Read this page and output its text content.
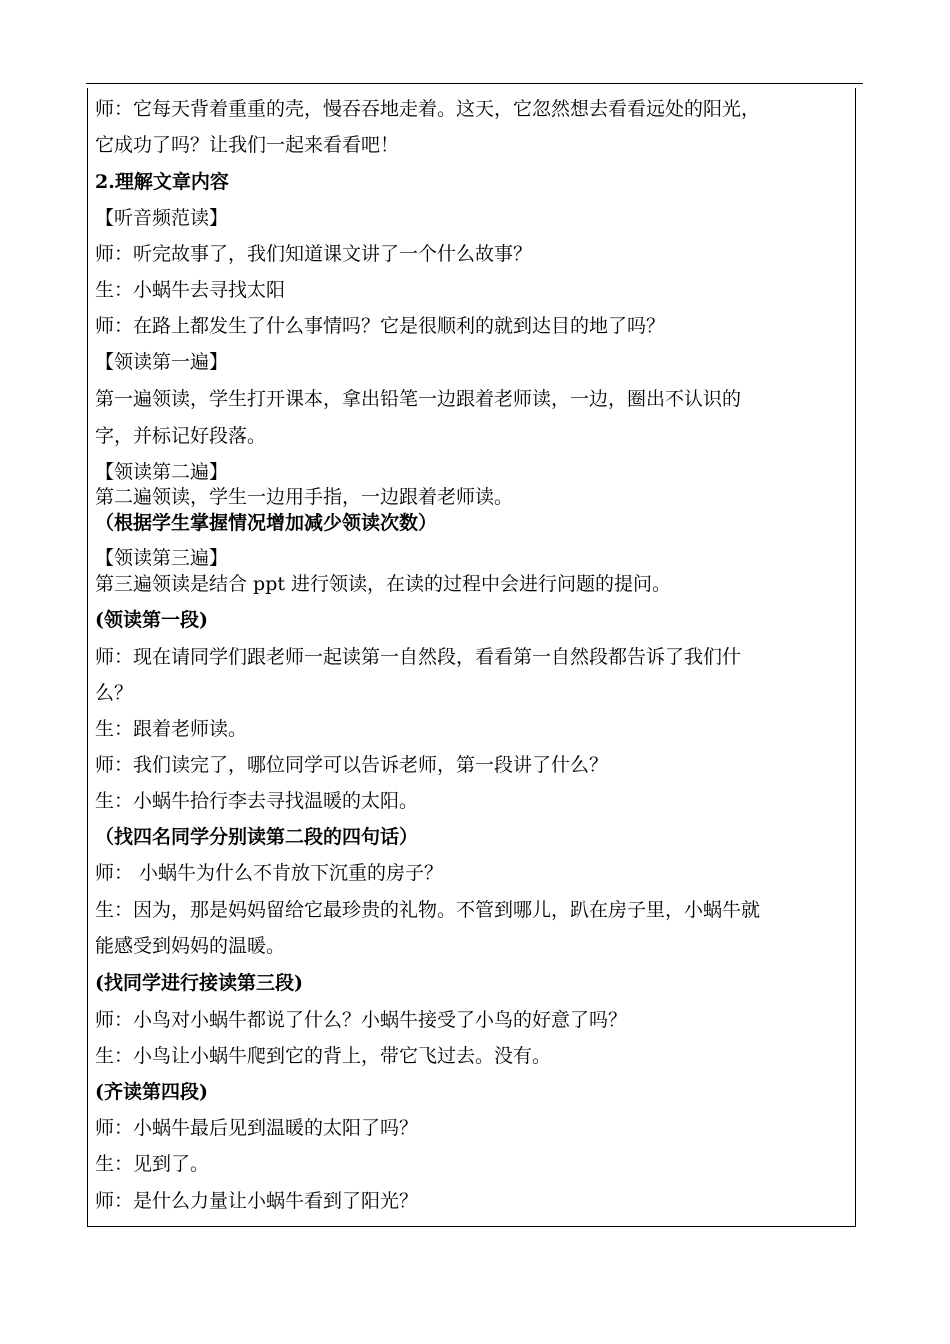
师：它每天背着重重的壳，慢吞吞地走着。这天，它忽然想去看看远处的阳光，
它成功了吗？让我们一起来看看吧！
2.理解文章内容
【听音频范读】
师：听完故事了，我们知道课文讲了一个什么故事？
生：小蜗牛去寻找太阳
师：在路上都发生了什么事情吗？它是很顺利的就到达目的地了吗？
【领读第一遍】
第一遍领读，学生打开课本，拿出铅笔一边跟着老师读，一边，圈出不认识的
字，并标记好段落。
【领读第二遍】
第二遍领读，学生一边用手指，一边跟着老师读。
（根据学生掌握情况增加减少领读次数）
【领读第三遍】
第三遍领读是结合 ppt 进行领读，在读的过程中会进行问题的提问。
(领读第一段)
师：现在请同学们跟老师一起读第一自然段，看看第一自然段都告诉了我们什
么？
生：跟着老师读。
师：我们读完了，哪位同学可以告诉老师，第一段讲了什么？
生：小蜗牛拾行李去寻找温暖的太阳。
（找四名同学分别读第二段的四句话）
师： 小蜗牛为什么不肯放下沉重的房子？
生：因为，那是妈妈留给它最珍贵的礼物。不管到哪儿，趴在房子里，小蜗牛就
能感受到妈妈的温暖。
(找同学进行接读第三段)
师：小鸟对小蜗牛都说了什么？小蜗牛接受了小鸟的好意了吗？
生：小鸟让小蜗牛爬到它的背上，带它飞过去。没有。
(齐读第四段)
师：小蜗牛最后见到温暖的太阳了吗？
生：见到了。
师：是什么力量让小蜗牛看到了阳光？
